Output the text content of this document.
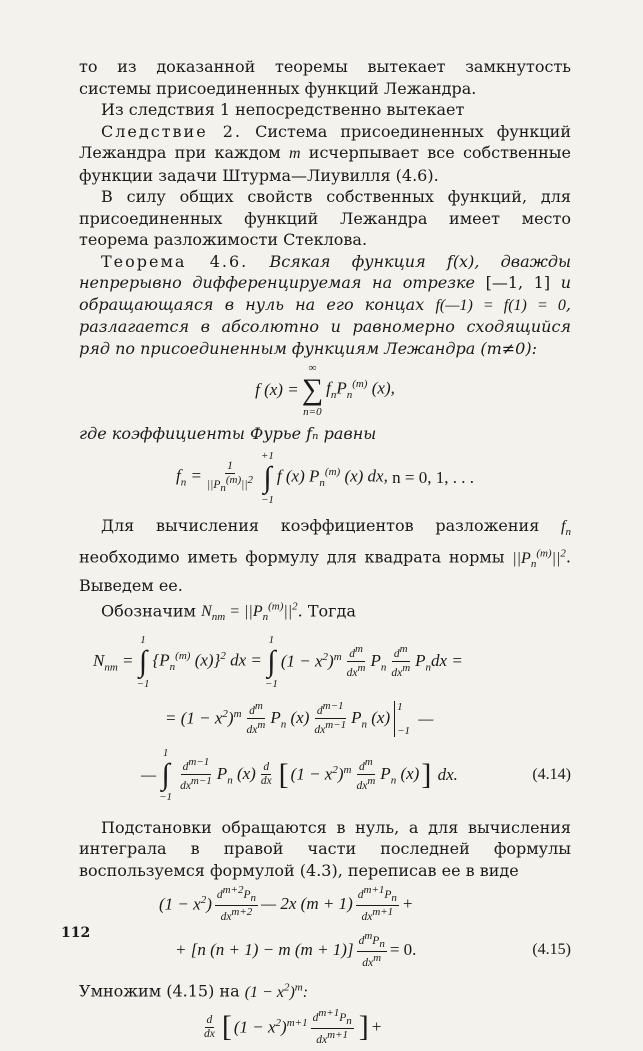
то из доказанной теоремы вытекает замкнутость системы присоединенных функций Лежандра.

Из следствия 1 непосредственно вытекает

Следствие 2. Система присоединенных функций Лежандра при каждом m исчерпывает все собственные функции задачи Штурма—Лиувилля (4.6).

В силу общих свойств собственных функций, для присоединенных функций Лежандра имеет место теорема разложимости Стеклова.

Теорема 4.6. Всякая функция f(x), дважды непрерывно дифференцируемая на отрезке [—1, 1] и обращающаяся в нуль на его концах f(—1) = f(1) = 0, разлагается в абсолютно и равномерно сходящийся ряд по присоединенным функциям Лежандра (m≠0):

f (x) =
∞
∑
n=0
$f_nP_n^{(m)}$ (x),

где коэффициенты Фурье fₙ равны

$f_n = \frac{1}{||P_n^{(m)}||^2}$
+1
∫
−1
f (x) $P_n^{(m)}$ (x) dx, n = 0, 1, . . .

Для вычисления коэффициентов разложения $f_n$ необходимо иметь формулу для квадрата нормы $||P_n^{(m)}||^2$. Выведем ее.

Обозначим $N_{nm} = ||P_n^{(m)}||^2$. Тогда

$N_{nm}$ =
1
∫
−1
{$P_n^{(m)}$ (x)}$^2$ dx =
1
∫
−1
$(1 - x^2)^m \frac{d^m}{dx^m} P_n \frac{d^m}{dx^m} P_ndx$ =
= $(1 - x^2)^m \frac{d^m}{dx^m} P_n$ $(x) \frac{d^{m-1}}{dx^{m-1}} P_n$ (x)
1
−1
—
—
1
∫
−1
$\frac{d^{m-1}}{dx^{m-1}} P_n$ $(x) \frac{d}{dx}$ [ $(1 - x^2)^m \frac{d^m}{dx^m} P_n$ (x) ] dx.	(4.14)

Подстановки обращаются в нуль, а для вычисления интеграла в правой части последней формулы воспользуемся формулой (4.3), переписав ее в виде

$(1 - x^2) \frac{d^{m+2}P_n}{dx^{m+2}}$ — 2x $(m + 1) \frac{d^{m+1}P_n}{dx^{m+1}}$ +
+ [n (n + 1) − m $(m + 1)] \frac{d^mP_n}{dx^m} = 0$.	(4.15)

Умножим (4.15) на $(1 - x^2)^m$:

$\frac{d}{dx}$ [ $(1 - x^2)^{m+1} \frac{d^{m+1}P_n}{dx^{m+1}}$ ] +
112
